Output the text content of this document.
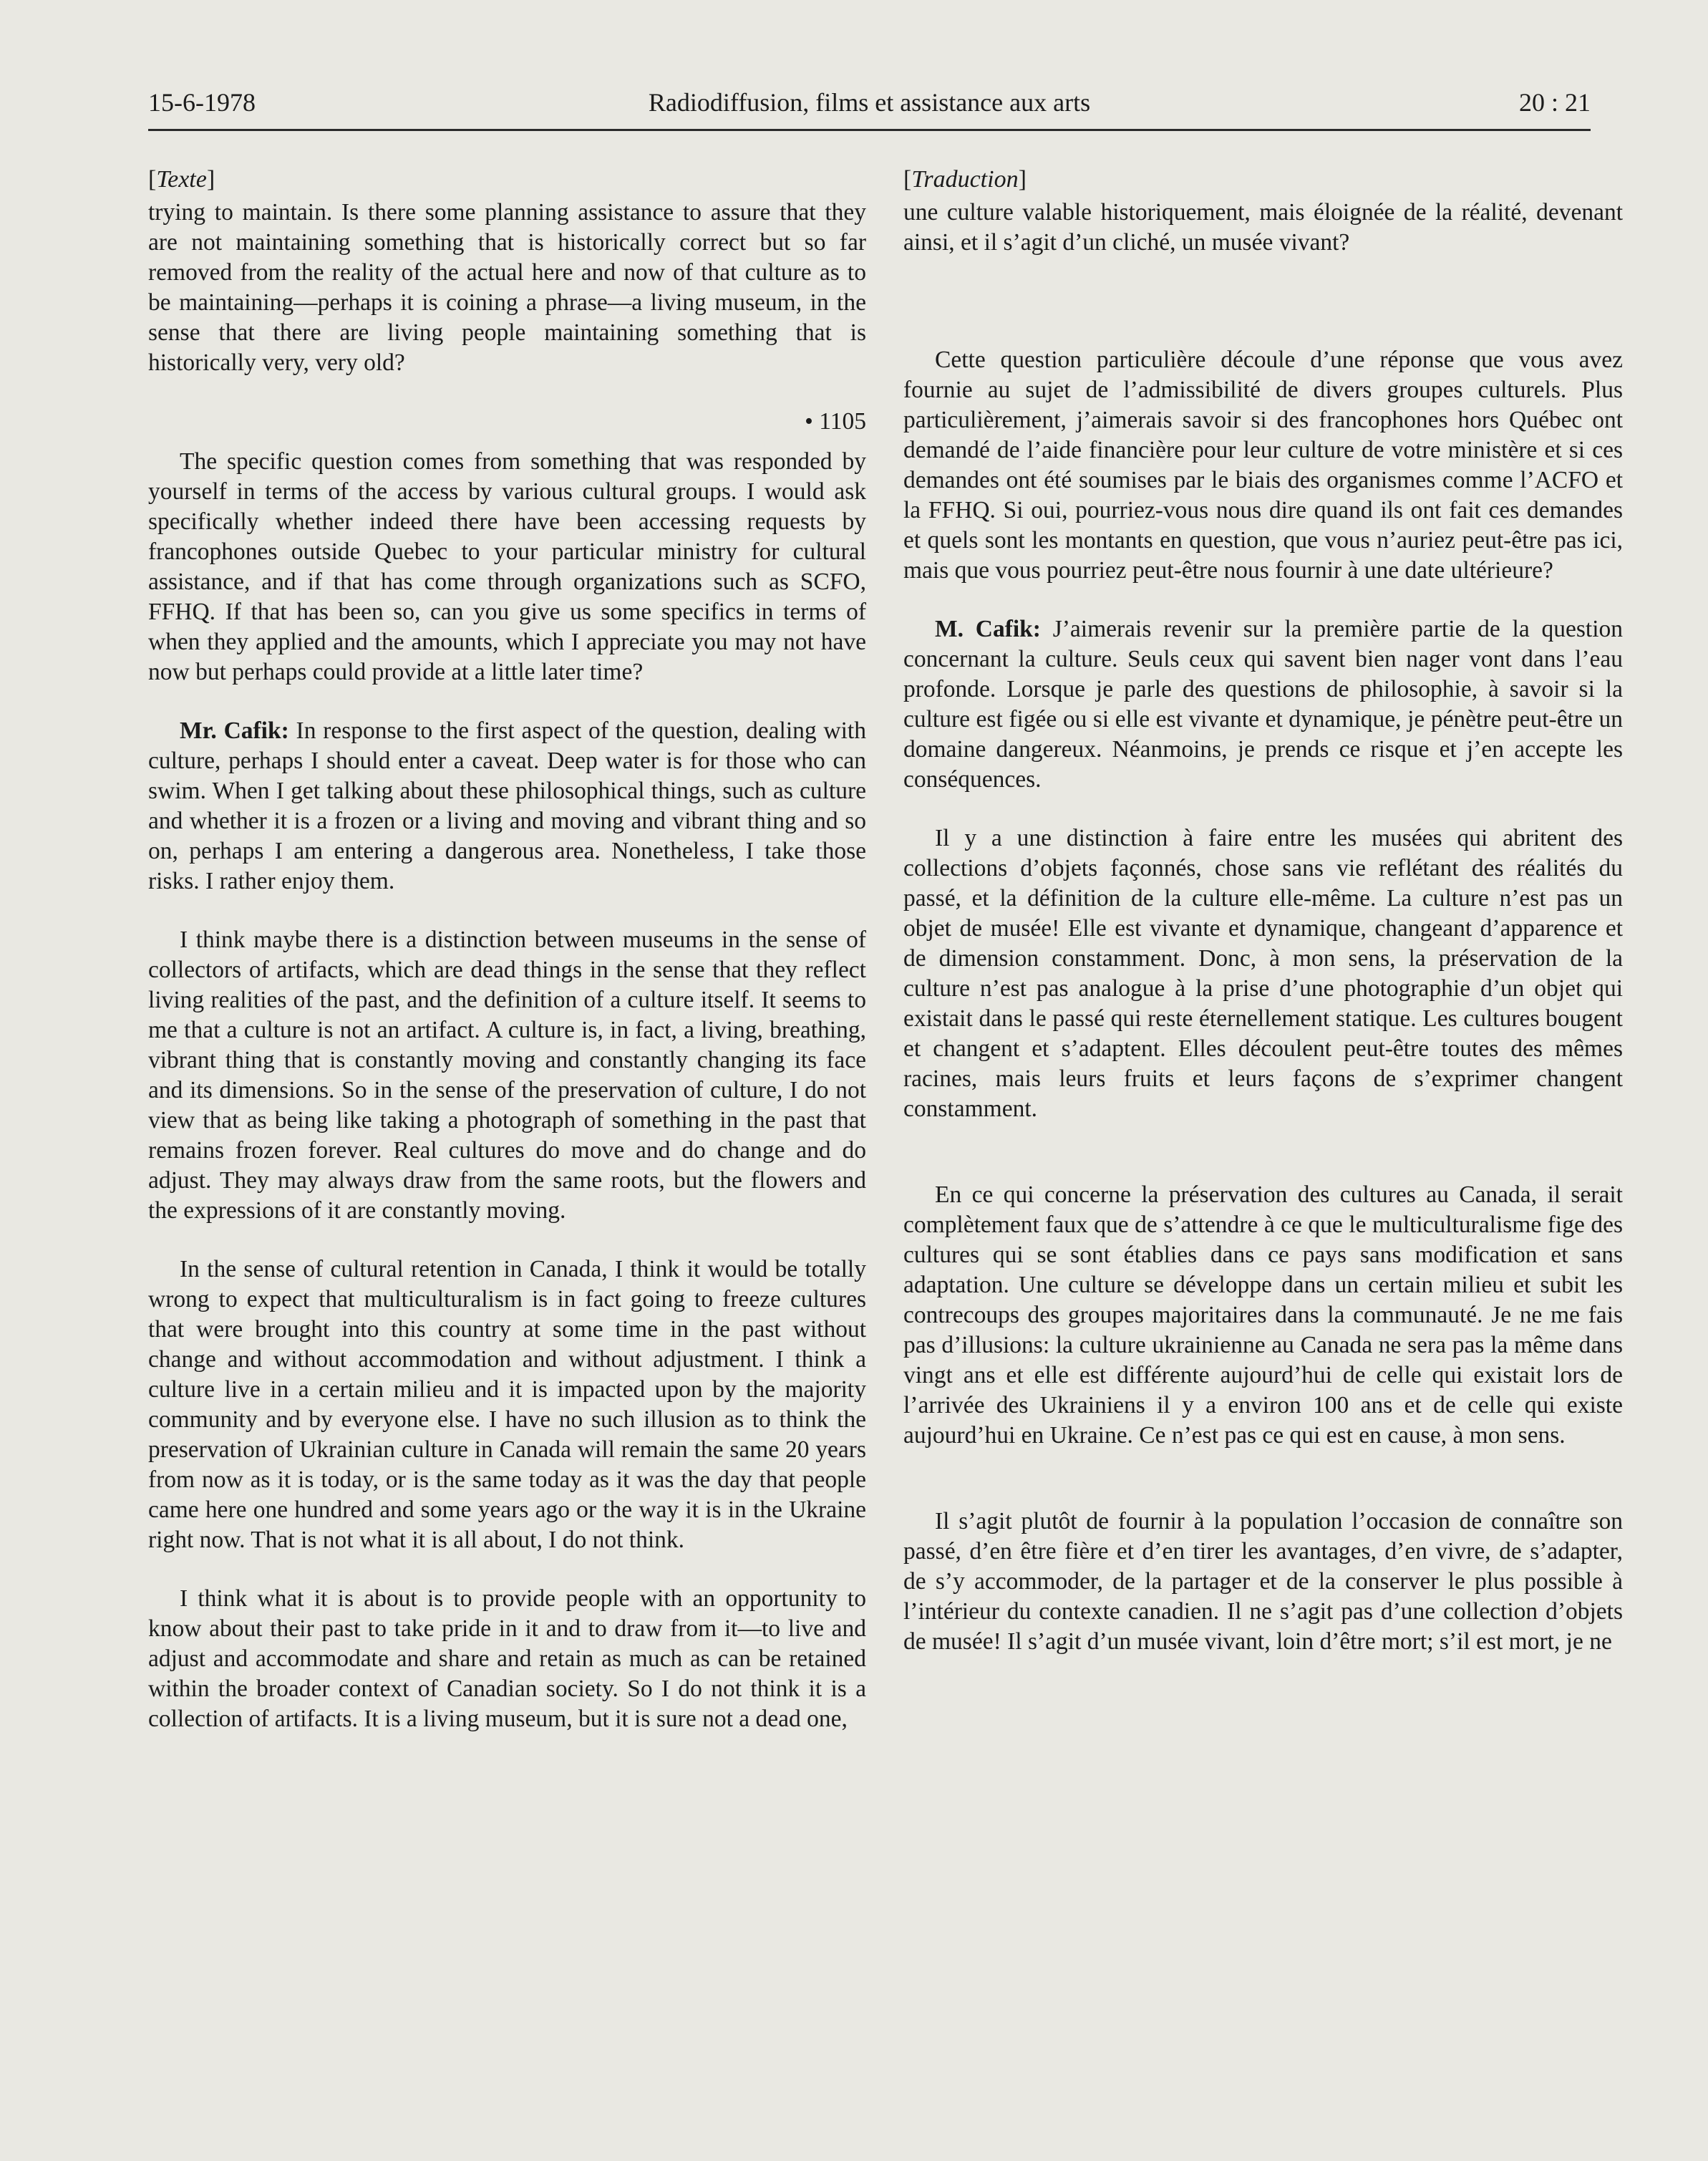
15-6-1978	Radiodiffusion, films et assistance aux arts	20 : 21
[Texte]

trying to maintain. Is there some planning assistance to assure that they are not maintaining something that is historically correct but so far removed from the reality of the actual here and now of that culture as to be maintaining—perhaps it is coining a phrase—a living museum, in the sense that there are living people maintaining something that is historically very, very old?

• 1105

The specific question comes from something that was responded by yourself in terms of the access by various cultural groups. I would ask specifically whether indeed there have been accessing requests by francophones outside Quebec to your particular ministry for cultural assistance, and if that has come through organizations such as SCFO, FFHQ. If that has been so, can you give us some specifics in terms of when they applied and the amounts, which I appreciate you may not have now but perhaps could provide at a little later time?

Mr. Cafik: In response to the first aspect of the question, dealing with culture, perhaps I should enter a caveat. Deep water is for those who can swim. When I get talking about these philosophical things, such as culture and whether it is a frozen or a living and moving and vibrant thing and so on, perhaps I am entering a dangerous area. Nonetheless, I take those risks. I rather enjoy them.

I think maybe there is a distinction between museums in the sense of collectors of artifacts, which are dead things in the sense that they reflect living realities of the past, and the definition of a culture itself. It seems to me that a culture is not an artifact. A culture is, in fact, a living, breathing, vibrant thing that is constantly moving and constantly changing its face and its dimensions. So in the sense of the preservation of culture, I do not view that as being like taking a photograph of something in the past that remains frozen forever. Real cultures do move and do change and do adjust. They may always draw from the same roots, but the flowers and the expressions of it are constantly moving.

In the sense of cultural retention in Canada, I think it would be totally wrong to expect that multiculturalism is in fact going to freeze cultures that were brought into this country at some time in the past without change and without accommodation and without adjustment. I think a culture live in a certain milieu and it is impacted upon by the majority community and by everyone else. I have no such illusion as to think the preservation of Ukrainian culture in Canada will remain the same 20 years from now as it is today, or is the same today as it was the day that people came here one hundred and some years ago or the way it is in the Ukraine right now. That is not what it is all about, I do not think.

I think what it is about is to provide people with an opportunity to know about their past to take pride in it and to draw from it—to live and adjust and accommodate and share and retain as much as can be retained within the broader context of Canadian society. So I do not think it is a collection of artifacts. It is a living museum, but it is sure not a dead one,

[Traduction]

une culture valable historiquement, mais éloignée de la réalité, devenant ainsi, et il s’agit d’un cliché, un musée vivant?

Cette question particulière découle d’une réponse que vous avez fournie au sujet de l’admissibilité de divers groupes culturels. Plus particulièrement, j’aimerais savoir si des francophones hors Québec ont demandé de l’aide financière pour leur culture de votre ministère et si ces demandes ont été soumises par le biais des organismes comme l’ACFO et la FFHQ. Si oui, pourriez-vous nous dire quand ils ont fait ces demandes et quels sont les montants en question, que vous n’auriez peut-être pas ici, mais que vous pourriez peut-être nous fournir à une date ultérieure?

M. Cafik: J’aimerais revenir sur la première partie de la question concernant la culture. Seuls ceux qui savent bien nager vont dans l’eau profonde. Lorsque je parle des questions de philosophie, à savoir si la culture est figée ou si elle est vivante et dynamique, je pénètre peut-être un domaine dangereux. Néanmoins, je prends ce risque et j’en accepte les conséquences.

Il y a une distinction à faire entre les musées qui abritent des collections d’objets façonnés, chose sans vie reflétant des réalités du passé, et la définition de la culture elle-même. La culture n’est pas un objet de musée! Elle est vivante et dynamique, changeant d’apparence et de dimension constamment. Donc, à mon sens, la préservation de la culture n’est pas analogue à la prise d’une photographie d’un objet qui existait dans le passé qui reste éternellement statique. Les cultures bougent et changent et s’adaptent. Elles découlent peut-être toutes des mêmes racines, mais leurs fruits et leurs façons de s’exprimer changent constamment.

En ce qui concerne la préservation des cultures au Canada, il serait complètement faux que de s’attendre à ce que le multiculturalisme fige des cultures qui se sont établies dans ce pays sans modification et sans adaptation. Une culture se développe dans un certain milieu et subit les contrecoups des groupes majoritaires dans la communauté. Je ne me fais pas d’illusions: la culture ukrainienne au Canada ne sera pas la même dans vingt ans et elle est différente aujourd’hui de celle qui existait lors de l’arrivée des Ukrainiens il y a environ 100 ans et de celle qui existe aujourd’hui en Ukraine. Ce n’est pas ce qui est en cause, à mon sens.

Il s’agit plutôt de fournir à la population l’occasion de connaître son passé, d’en être fière et d’en tirer les avantages, d’en vivre, de s’adapter, de s’y accommoder, de la partager et de la conserver le plus possible à l’intérieur du contexte canadien. Il ne s’agit pas d’une collection d’objets de musée! Il s’agit d’un musée vivant, loin d’être mort; s’il est mort, je ne
